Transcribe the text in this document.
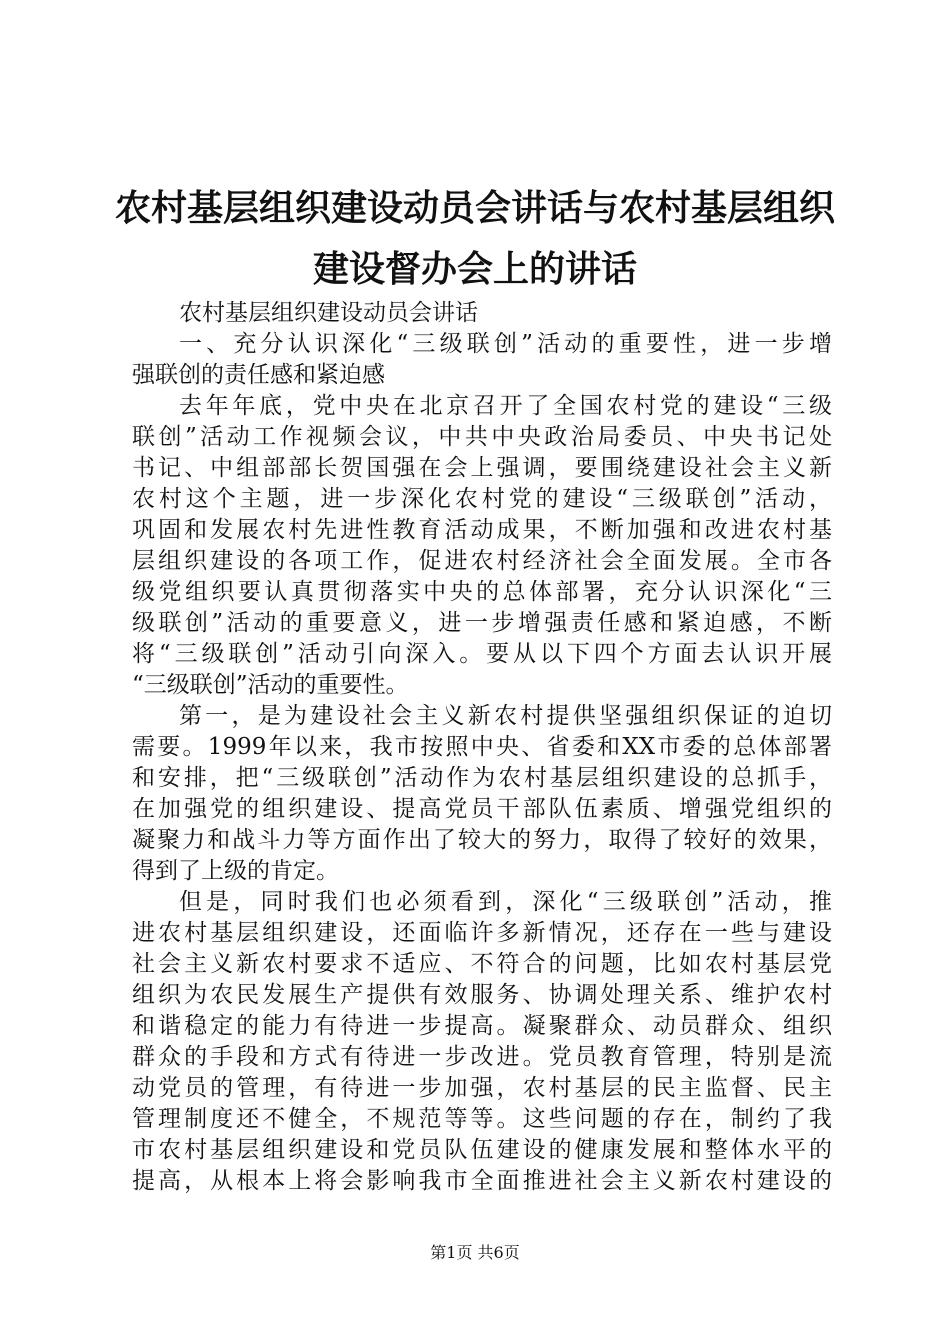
农村基层组织建设动员会讲话与农村基层组织
建设督办会上的讲话
农村基层组织建设动员会讲话
一、充分认识深化“三级联创”活动的重要性，进一步增
强联创的责任感和紧迫感
去年年底，党中央在北京召开了全国农村党的建设“三级
联创”活动工作视频会议，中共中央政治局委员、中央书记处
书记、中组部部长贺国强在会上强调，要围绕建设社会主义新
农村这个主题，进一步深化农村党的建设“三级联创”活动，
巩固和发展农村先进性教育活动成果，不断加强和改进农村基
层组织建设的各项工作，促进农村经济社会全面发展。全市各
级党组织要认真贯彻落实中央的总体部署，充分认识深化“三
级联创”活动的重要意义，进一步增强责任感和紧迫感，不断
将“三级联创”活动引向深入。要从以下四个方面去认识开展
“三级联创”活动的重要性。
第一，是为建设社会主义新农村提供坚强组织保证的迫切
需要。1999年以来，我市按照中央、省委和XX市委的总体部署
和安排，把“三级联创”活动作为农村基层组织建设的总抓手，
在加强党的组织建设、提高党员干部队伍素质、增强党组织的
凝聚力和战斗力等方面作出了较大的努力，取得了较好的效果，
得到了上级的肯定。
但是，同时我们也必须看到，深化“三级联创”活动，推
进农村基层组织建设，还面临许多新情况，还存在一些与建设
社会主义新农村要求不适应、不符合的问题，比如农村基层党
组织为农民发展生产提供有效服务、协调处理关系、维护农村
和谐稳定的能力有待进一步提高。凝聚群众、动员群众、组织
群众的手段和方式有待进一步改进。党员教育管理，特别是流
动党员的管理，有待进一步加强，农村基层的民主监督、民主
管理制度还不健全，不规范等等。这些问题的存在，制约了我
市农村基层组织建设和党员队伍建设的健康发展和整体水平的
提高，从根本上将会影响我市全面推进社会主义新农村建设的
第1页 共6页
